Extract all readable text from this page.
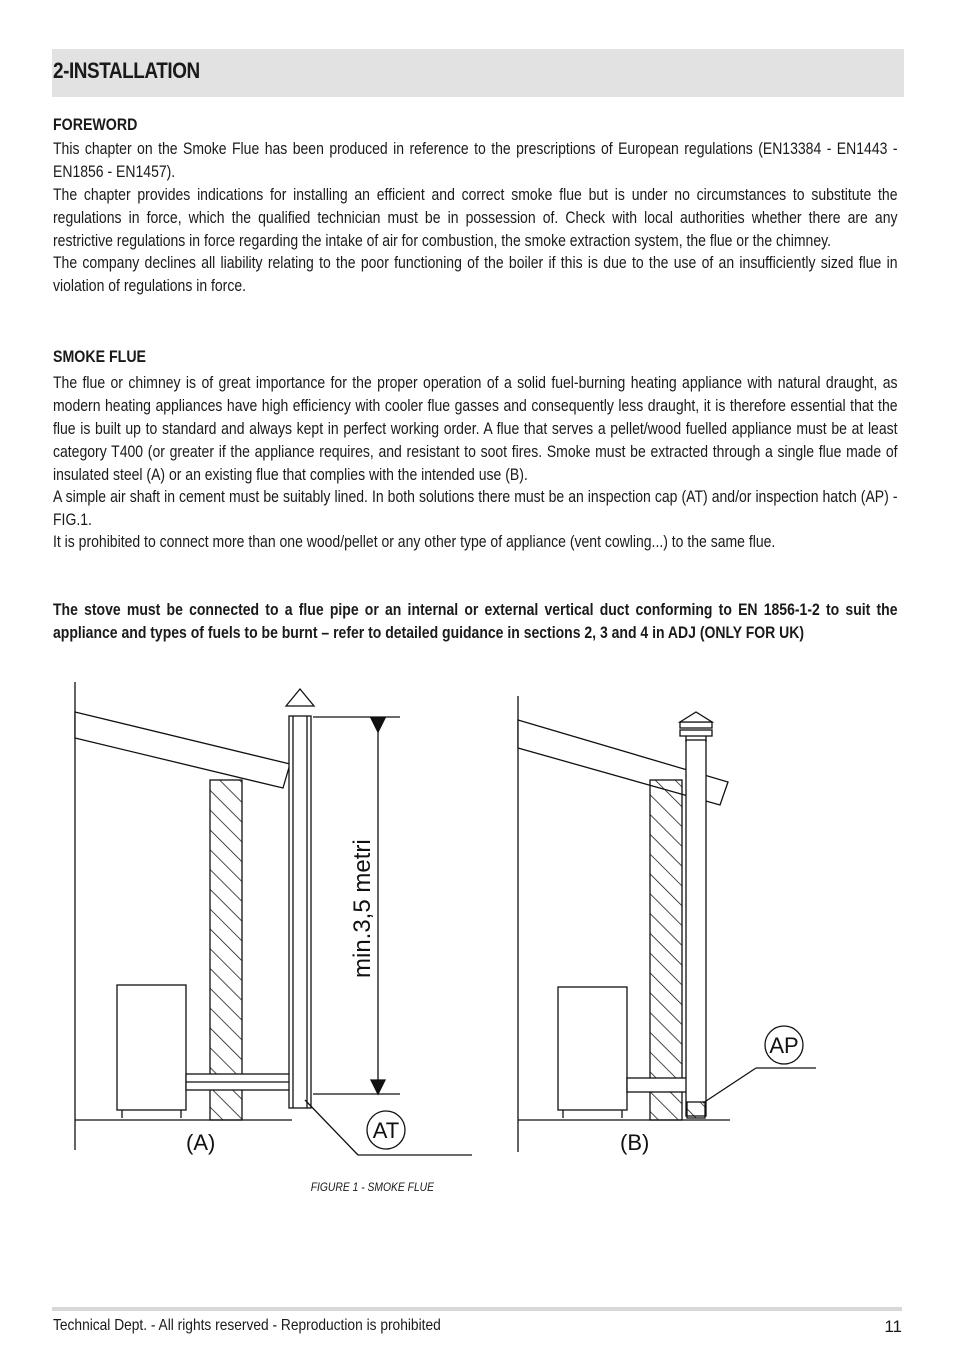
2-INSTALLATION
FOREWORD

This chapter on the Smoke Flue has been produced in reference to the prescriptions of European regulations (EN13384 - EN1443 - EN1856 - EN1457).

The chapter provides indications for installing an efficient and correct smoke flue but is under no circumstances to substitute the regulations in force, which the qualified technician must be in possession of. Check with local authorities whether there are any restrictive regulations in force regarding the intake of air for combustion, the smoke extraction system, the flue or the chimney.

The company declines all liability relating to the poor functioning of the boiler if this is due to the use of an insufficiently sized flue in violation of regulations in force.

SMOKE FLUE

The flue or chimney is of great importance for the proper operation of a solid fuel-burning heating appliance with natural draught, as modern heating appliances have high efficiency with cooler flue gasses and consequently less draught, it is therefore essential that the flue is built up to standard and always kept in perfect working order. A flue that serves a pellet/wood fuelled appliance must be at least category T400 (or greater if the appliance requires, and resistant to soot fires. Smoke must be extracted through a single flue made of insulated steel (A) or an existing flue that complies with the intended use (B).

A simple air shaft in cement must be suitably lined. In both solutions there must be an inspection cap (AT) and/or inspection hatch (AP) - FIG.1.

It is prohibited to connect more than one wood/pellet or any other type of appliance (vent cowling...) to the same flue.

The stove must be connected to a flue pipe or an internal or external vertical duct conforming to EN 1856-1-2 to suit the appliance and types of fuels to be burnt – refer to detailed guidance in sections 2, 3 and 4 in ADJ (ONLY FOR UK)

(A)	(B)
AT
AP
min.3,5 metri
FIGURE 1 - SMOKE FLUE
Technical Dept. - All rights reserved - Reproduction is prohibited	11
